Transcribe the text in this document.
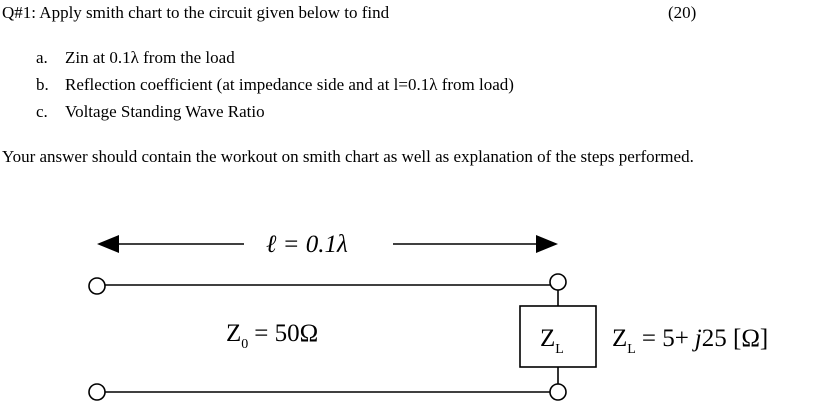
Q#1: Apply smith chart to the circuit given below to find	(20)
a. Zin at 0.1λ from the load
b. Reflection coefficient (at impedance side and at l=0.1λ from load)
c. Voltage Standing Wave Ratio
Your answer should contain the workout on smith chart as well as explanation of the steps performed.
ℓ = 0.1λ
$Z_L$
$Z_0 = 50\Omega$	$Z_L = 5+ j25$ [Ω]
